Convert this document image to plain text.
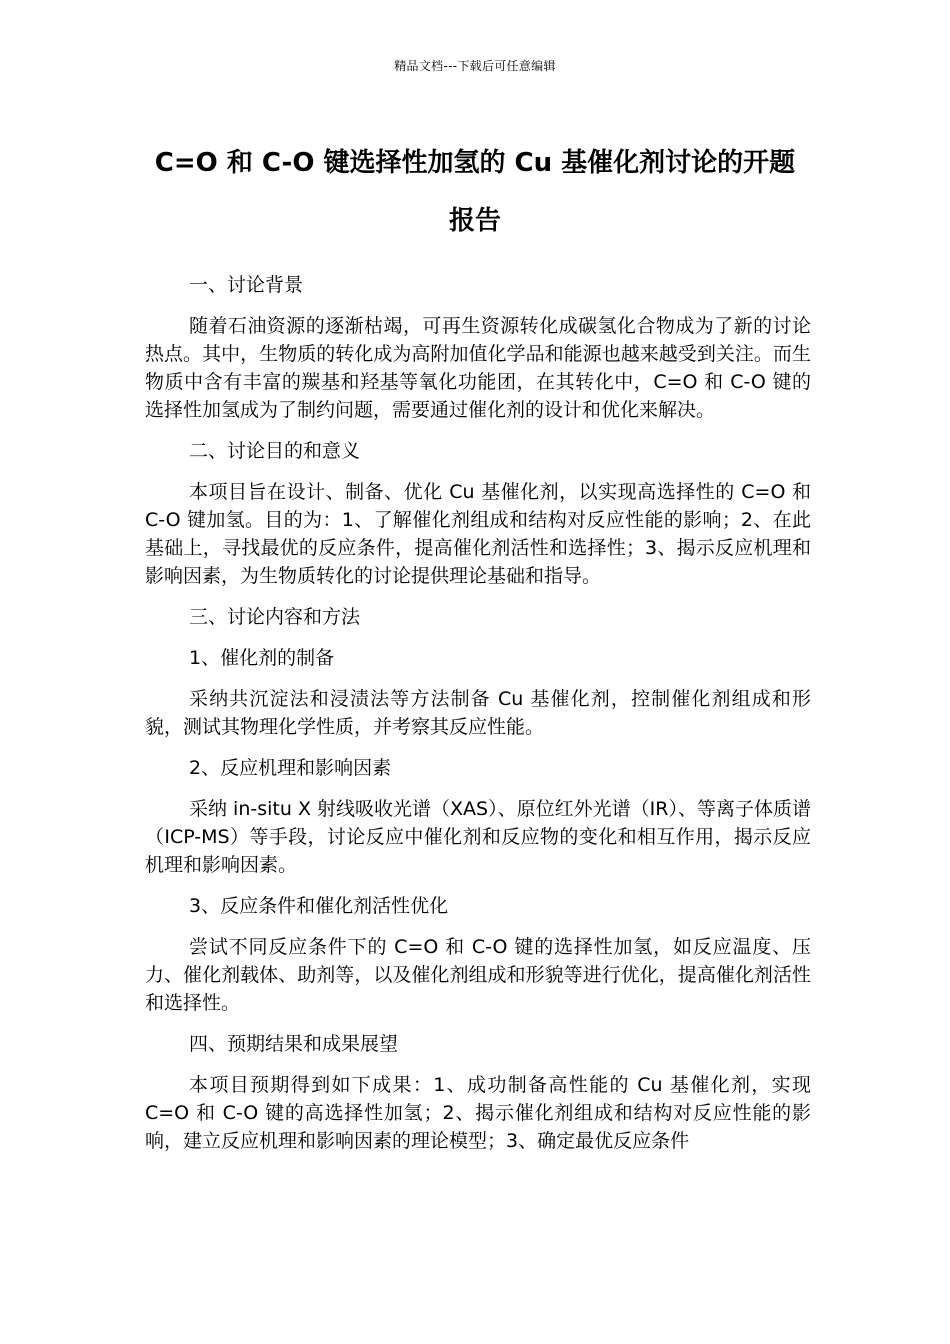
精品文档---下载后可任意编辑
C=O 和 C-O 键选择性加氢的 Cu 基催化剂讨论的开题报告

一、讨论背景

随着石油资源的逐渐枯竭，可再生资源转化成碳氢化合物成为了新的讨论热点。其中，生物质的转化成为高附加值化学品和能源也越来越受到关注。而生物质中含有丰富的羰基和羟基等氧化功能团，在其转化中，C=O 和 C-O 键的选择性加氢成为了制约问题，需要通过催化剂的设计和优化来解决。

二、讨论目的和意义

本项目旨在设计、制备、优化 Cu 基催化剂，以实现高选择性的 C=O 和 C-O 键加氢。目的为：1、了解催化剂组成和结构对反应性能的影响；2、在此基础上，寻找最优的反应条件，提高催化剂活性和选择性；3、揭示反应机理和影响因素，为生物质转化的讨论提供理论基础和指导。

三、讨论内容和方法

1、催化剂的制备

采纳共沉淀法和浸渍法等方法制备 Cu 基催化剂，控制催化剂组成和形貌，测试其物理化学性质，并考察其反应性能。

2、反应机理和影响因素

采纳 in-situ X 射线吸收光谱（XAS）、原位红外光谱（IR）、等离子体质谱（ICP-MS）等手段，讨论反应中催化剂和反应物的变化和相互作用，揭示反应机理和影响因素。

3、反应条件和催化剂活性优化

尝试不同反应条件下的 C=O 和 C-O 键的选择性加氢，如反应温度、压力、催化剂载体、助剂等，以及催化剂组成和形貌等进行优化，提高催化剂活性和选择性。

四、预期结果和成果展望

本项目预期得到如下成果：1、成功制备高性能的 Cu 基催化剂，实现 C=O 和 C-O 键的高选择性加氢；2、揭示催化剂组成和结构对反应性能的影响，建立反应机理和影响因素的理论模型；3、确定最优反应条件
